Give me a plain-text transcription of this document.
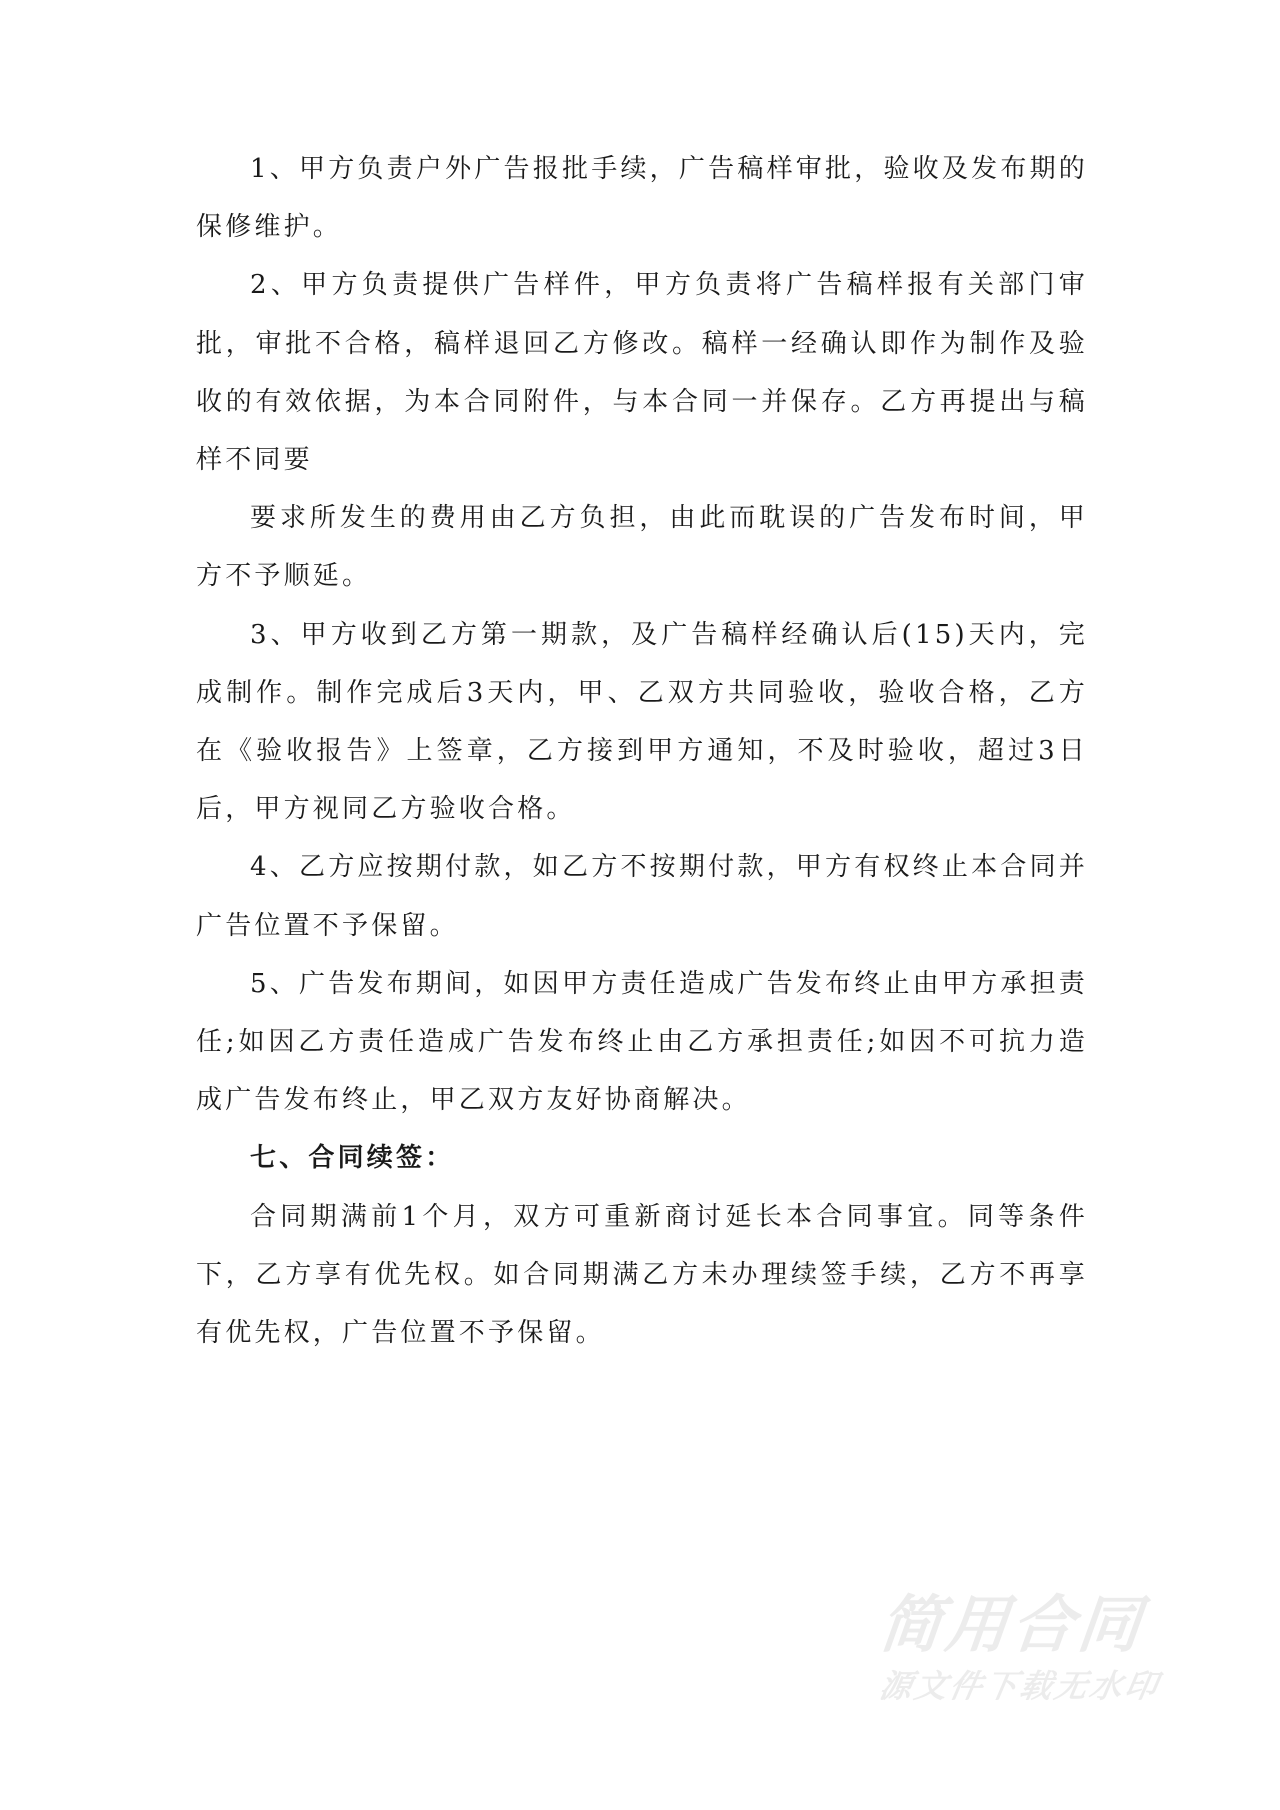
1、甲方负责户外广告报批手续，广告稿样审批，验收及发布期的保修维护。

2、甲方负责提供广告样件，甲方负责将广告稿样报有关部门审批，审批不合格，稿样退回乙方修改。稿样一经确认即作为制作及验收的有效依据，为本合同附件，与本合同一并保存。乙方再提出与稿样不同要

要求所发生的费用由乙方负担，由此而耽误的广告发布时间，甲方不予顺延。

3、甲方收到乙方第一期款，及广告稿样经确认后(15)天内，完成制作。制作完成后3天内，甲、乙双方共同验收，验收合格，乙方在《验收报告》上签章，乙方接到甲方通知，不及时验收，超过3日后，甲方视同乙方验收合格。

4、乙方应按期付款，如乙方不按期付款，甲方有权终止本合同并广告位置不予保留。

5、广告发布期间，如因甲方责任造成广告发布终止由甲方承担责任;如因乙方责任造成广告发布终止由乙方承担责任;如因不可抗力造成广告发布终止，甲乙双方友好协商解决。

七、合同续签：

合同期满前1个月，双方可重新商讨延长本合同事宜。同等条件下，乙方享有优先权。如合同期满乙方未办理续签手续，乙方不再享有优先权，广告位置不予保留。

简用合同
源文件下载无水印
